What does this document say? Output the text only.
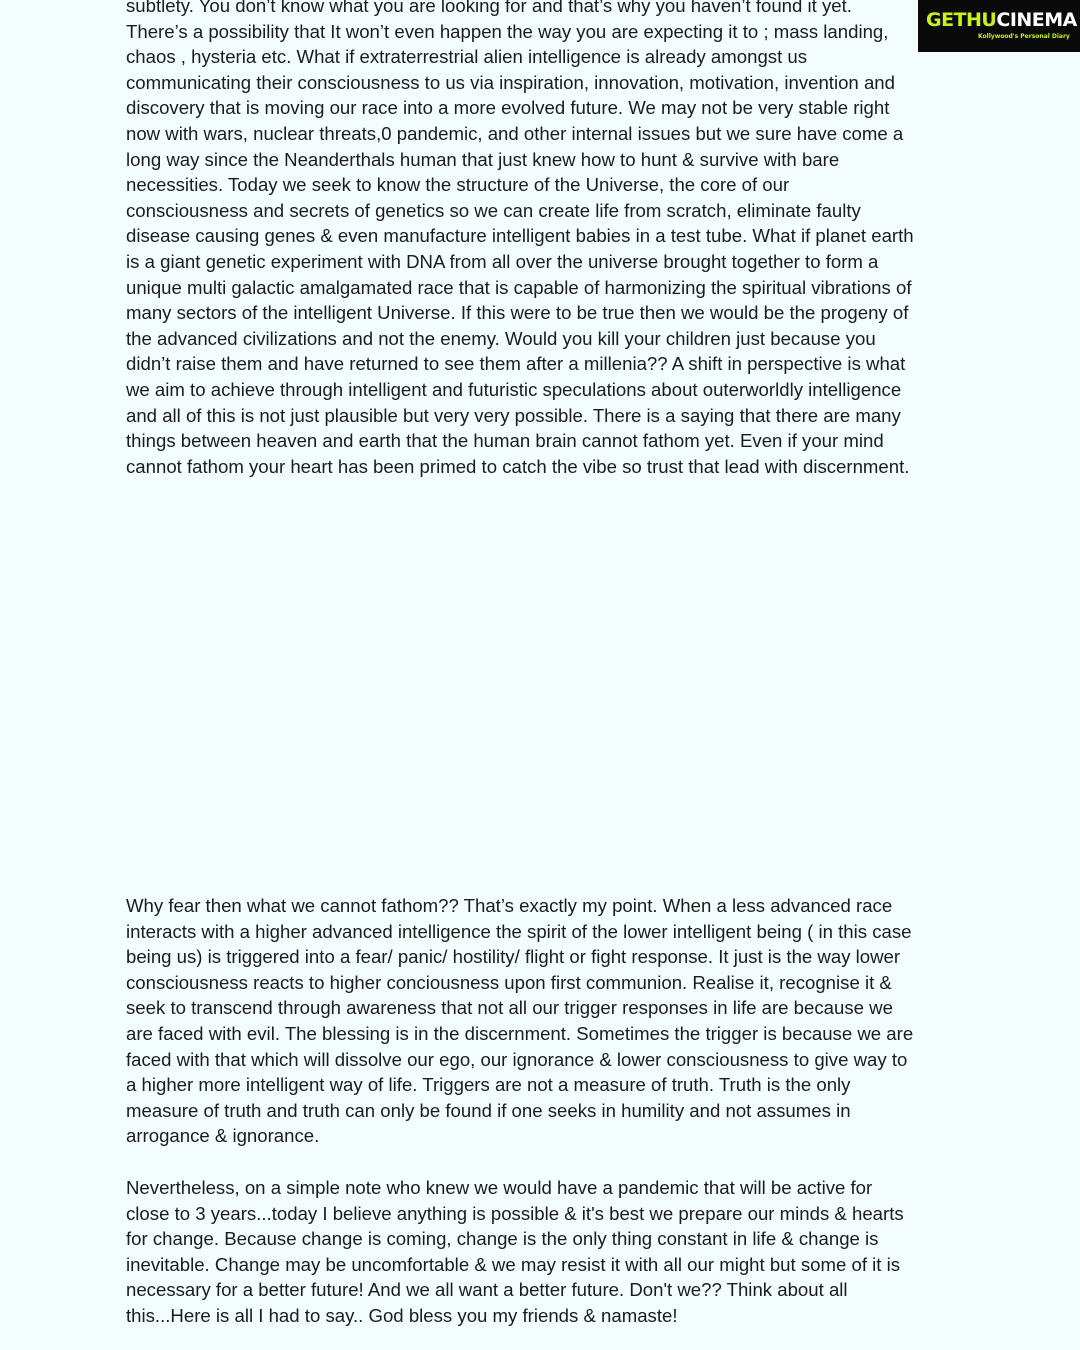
subtlety. You don’t know what you are looking for and that’s why you haven’t found it yet.
There’s a possibility that It won’t even happen the way you are expecting it to ; mass landing,
chaos , hysteria etc. What if extraterrestrial alien intelligence is already amongst us
communicating their consciousness to us via inspiration, innovation, motivation, invention and
discovery that is moving our race into a more evolved future. We may not be very stable right
now with wars, nuclear threats,0 pandemic, and other internal issues but we sure have come a
long way since the Neanderthals human that just knew how to hunt & survive with bare
necessities. Today we seek to know the structure of the Universe, the core of our
consciousness and secrets of genetics so we can create life from scratch, eliminate faulty
disease causing genes & even manufacture intelligent babies in a test tube. What if planet earth
is a giant genetic experiment with DNA from all over the universe brought together to form a
unique multi galactic amalgamated race that is capable of harmonizing the spiritual vibrations of
many sectors of the intelligent Universe. If this were to be true then we would be the progeny of
the advanced civilizations and not the enemy. Would you kill your children just because you
didn’t raise them and have returned to see them after a millenia?? A shift in perspective is what
we aim to achieve through intelligent and futuristic speculations about outerworldly intelligence
and all of this is not just plausible but very very possible. There is a saying that there are many
things between heaven and earth that the human brain cannot fathom yet. Even if your mind
cannot fathom your heart has been primed to catch the vibe so trust that lead with discernment.

Why fear then what we cannot fathom?? That’s exactly my point. When a less advanced race
interacts with a higher advanced intelligence the spirit of the lower intelligent being ( in this case
being us) is triggered into a fear/ panic/ hostility/ flight or fight response. It just is the way lower
consciousness reacts to higher conciousness upon first communion. Realise it, recognise it &
seek to transcend through awareness that not all our trigger responses in life are because we
are faced with evil. The blessing is in the discernment. Sometimes the trigger is because we are
faced with that which will dissolve our ego, our ignorance & lower consciousness to give way to
a higher more intelligent way of life. Triggers are not a measure of truth. Truth is the only
measure of truth and truth can only be found if one seeks in humility and not assumes in
arrogance & ignorance.

Nevertheless, on a simple note who knew we would have a pandemic that will be active for
close to 3 years...today I believe anything is possible & it's best we prepare our minds & hearts
for change. Because change is coming, change is the only thing constant in life & change is
inevitable. Change may be uncomfortable & we may resist it with all our might but some of it is
necessary for a better future! And we all want a better future. Don't we?? Think about all
this...Here is all I had to say.. God bless you my friends & namaste!

GETHUCINEMA
Kollywood's Personal Diary
